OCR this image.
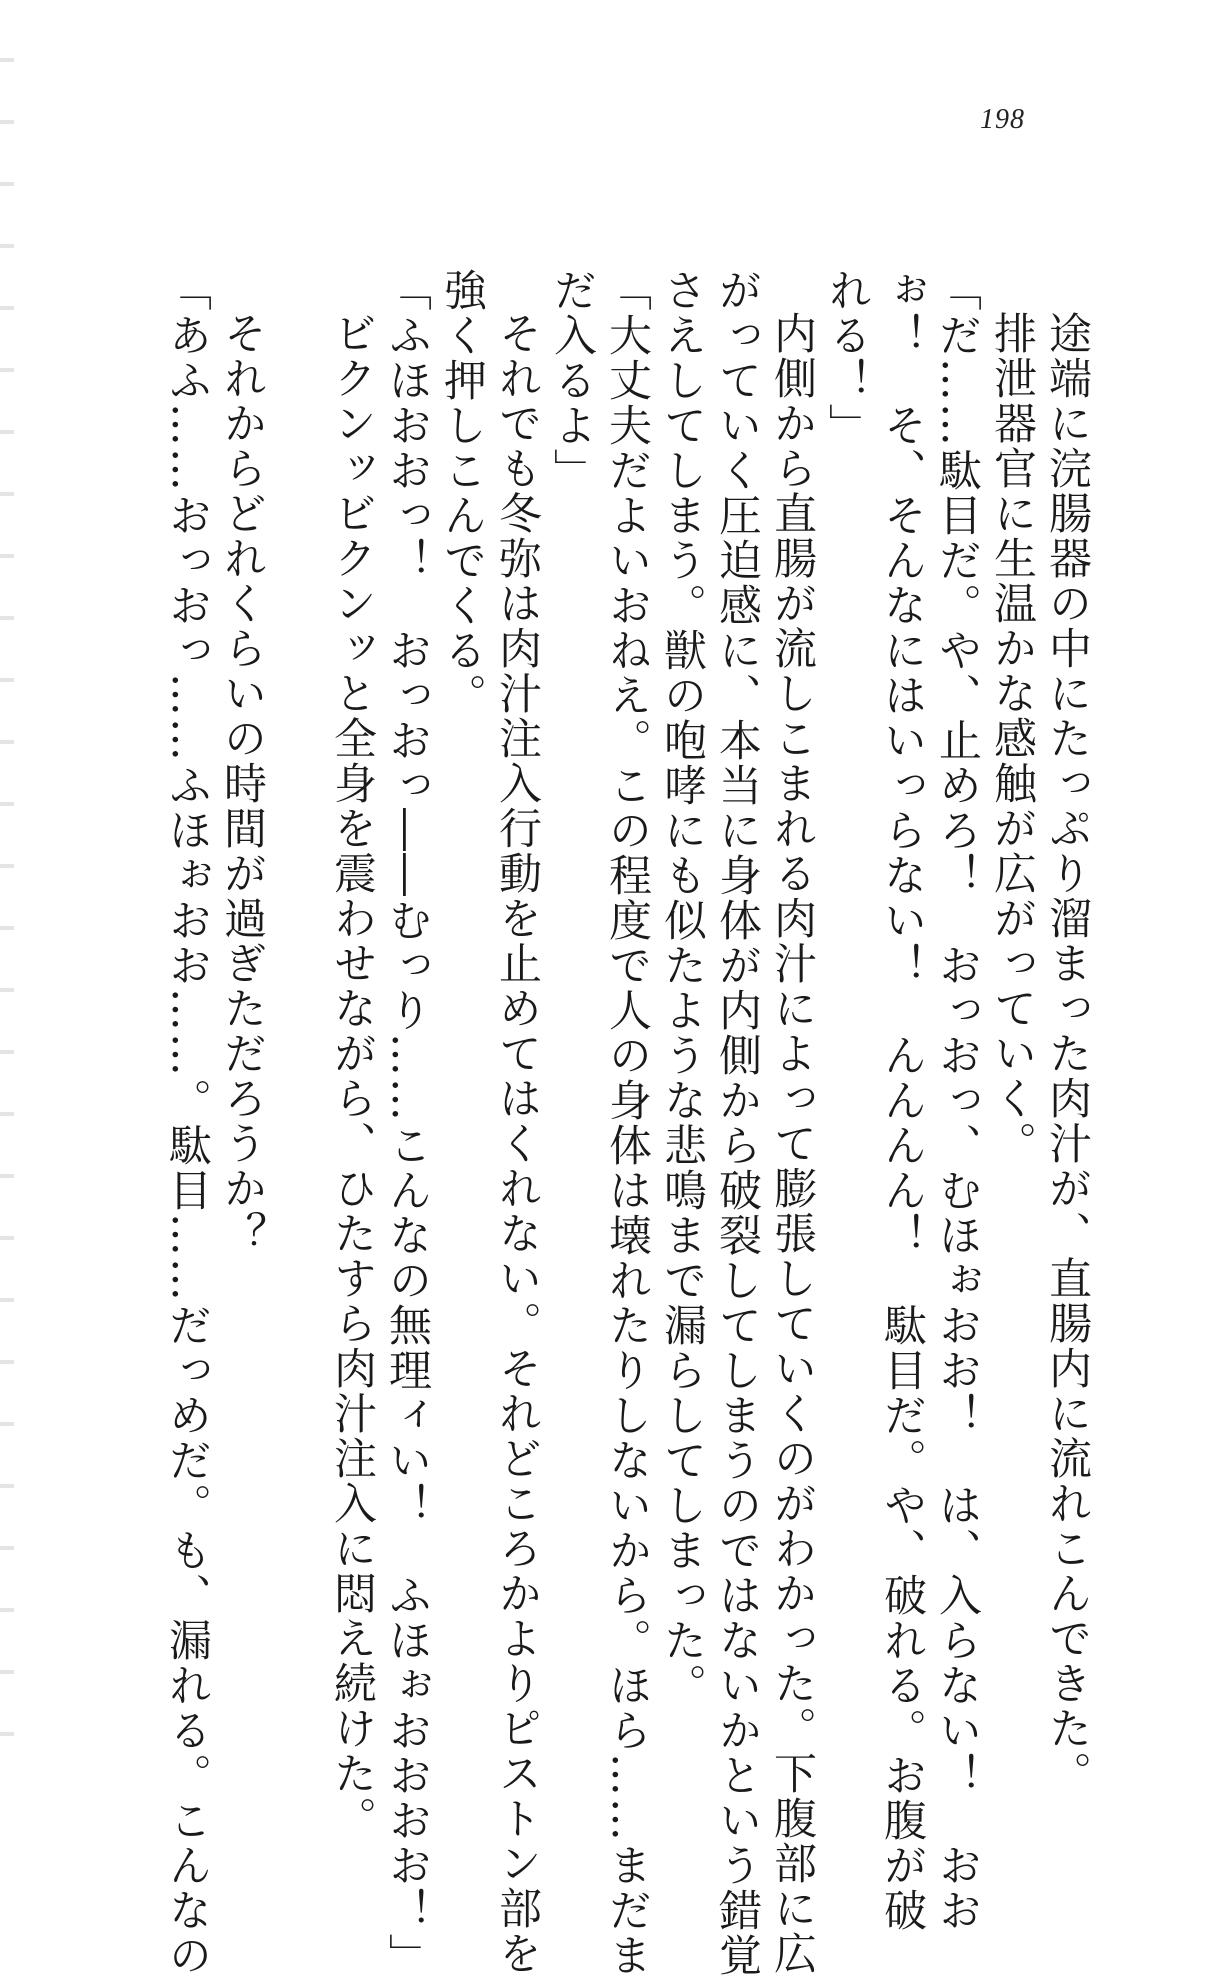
198
途端に浣腸器の中にたっぷり溜まった肉汁が、直腸内に流れこんできた。
排泄器官に生温かな感触が広がっていく。
「だ……駄目だ。や、止めろ！　おっおっ、むほぉおお！　は、入らない！　おお
ぉ！　そ、そんなにはいっらない！　んんんん！　駄目だ。や、破れる。お腹が破
れる！」
内側から直腸が流しこまれる肉汁によって膨張していくのがわかった。下腹部に広
がっていく圧迫感に、本当に身体が内側から破裂してしまうのではないかという錯覚
さえしてしまう。獣の咆哮にも似たような悲鳴まで漏らしてしまった。
「大丈夫だよいおねえ。この程度で人の身体は壊れたりしないから。ほら……まだま
だ入るよ」
それでも冬弥は肉汁注入行動を止めてはくれない。それどころかよりピストン部を
強く押しこんでくる。
「ふほおおっ！　おっおっ――むっり……こんなの無理ィい！　ふほぉおおおお！」
ビクンッビクンッと全身を震わせながら、ひたすら肉汁注入に悶え続けた。

それからどれくらいの時間が過ぎただろうか？
「あふ……おっおっ……ふほぉおお……。駄目……だっめだ。も、漏れる。こんなの
